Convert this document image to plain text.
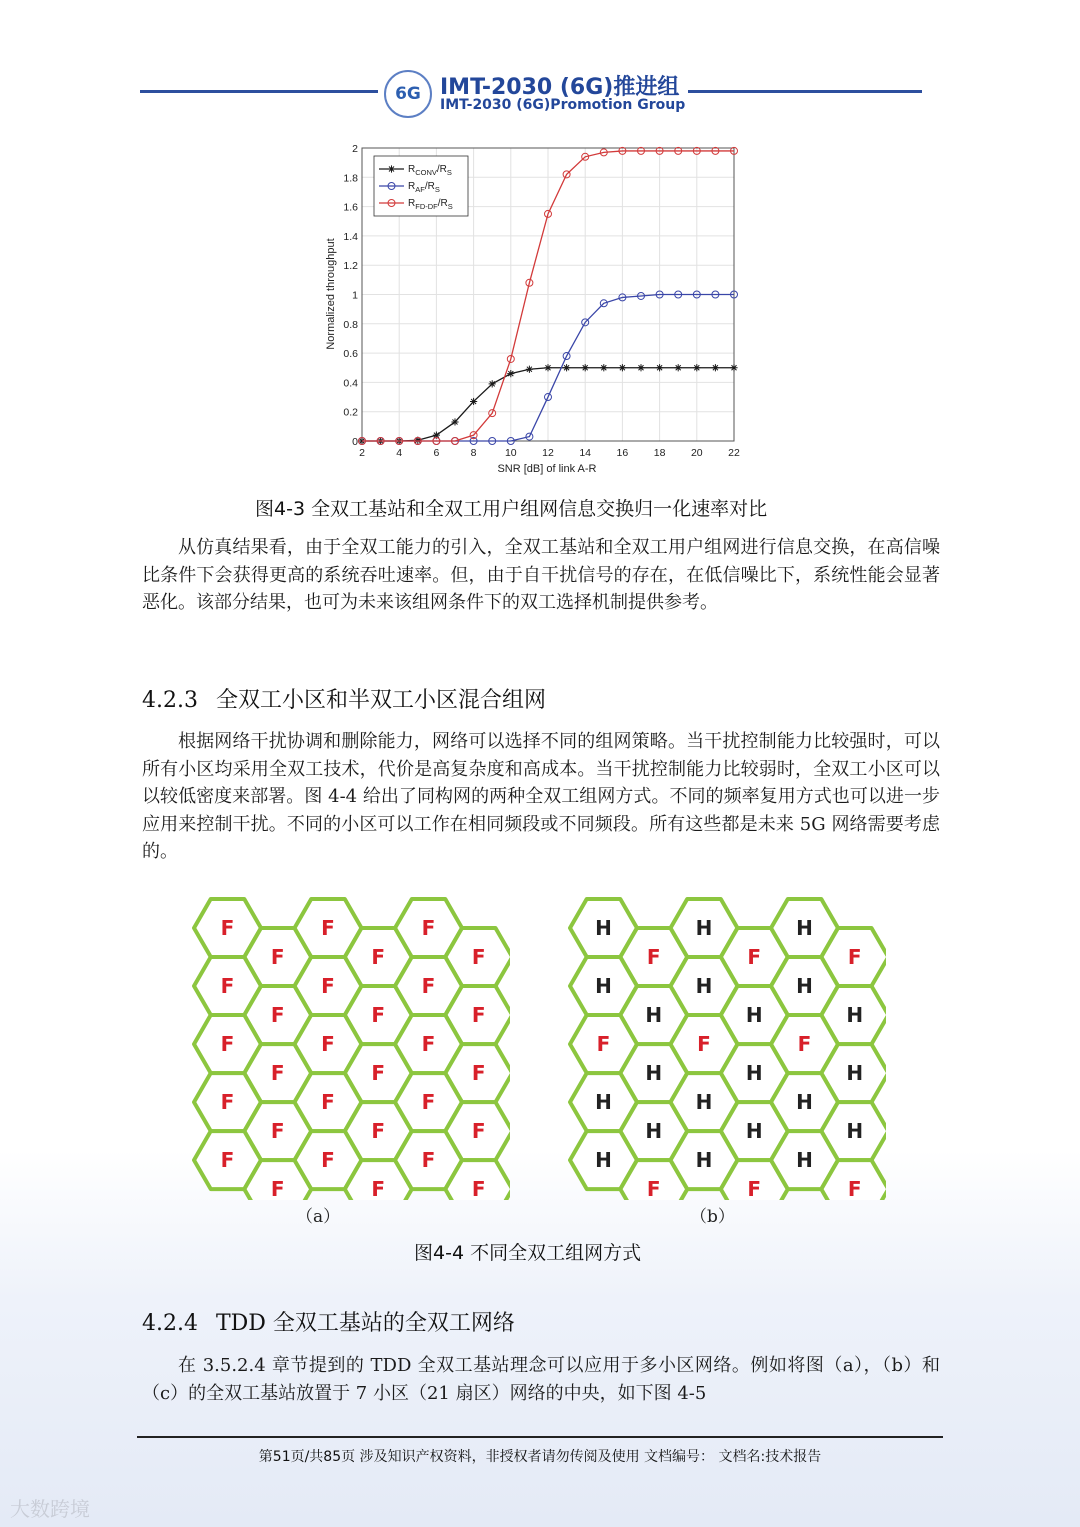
6G IMT-2030 (6G)推进组
IMT-2030 (6G)Promotion Group
2	4	6	8	10 12 14 16 18 20 22
0
0.2
0.4
0.6
0.8
1
1.2
1.4
1.6
1.8
2
$R_{CONV}/R_S$
$R_{AF}/R_S$
$R_{FD-DF}/R_S$
SNR [dB] of link A-R
Normalized throughput
图4-3 全双工基站和全双工用户组网信息交换归一化速率对比
从仿真结果看，由于全双工能力的引入，全双工基站和全双工用户组网进行信息交换，在高信噪比条件下会获得更高的系统吞吐速率。但，由于自干扰信号的存在，在低信噪比下，系统性能会显著恶化。该部分结果，也可为未来该组网条件下的双工选择机制提供参考。
4.2.3 全双工小区和半双工小区混合组网
根据网络干扰协调和删除能力，网络可以选择不同的组网策略。当干扰控制能力比较强时，可以所有小区均采用全双工技术，代价是高复杂度和高成本。当干扰控制能力比较弱时，全双工小区可以以较低密度来部署。图 4-4 给出了同构网的两种全双工组网方式。不同的频率复用方式也可以进一步应用来控制干扰。不同的小区可以工作在相同频段或不同频段。所有这些都是未来 5G 网络需要考虑的。
F
F
F
F
F
F
F
F
F
F
F
F
F
F
F
F
F
F
F
F
F
F
F
F
F
F
F
F
F
F
H
F
H
F
H
F
H
H
H
H
H
H
F
H
F
H
F
H
H
H
H
H
H
H
H
F
H
F
H
F
（a）	（b）
图4-4 不同全双工组网方式
4.2.4 TDD 全双工基站的全双工网络
在 3.5.2.4 章节提到的 TDD 全双工基站理念可以应用于多小区网络。例如将图（a），（b）和（c）的全双工基站放置于 7 小区（21 扇区）网络的中央，如下图 4-5
第51页/共85页 涉及知识产权资料，非授权者请勿传阅及使用 文档编号： 文档名:技术报告
大数跨境
